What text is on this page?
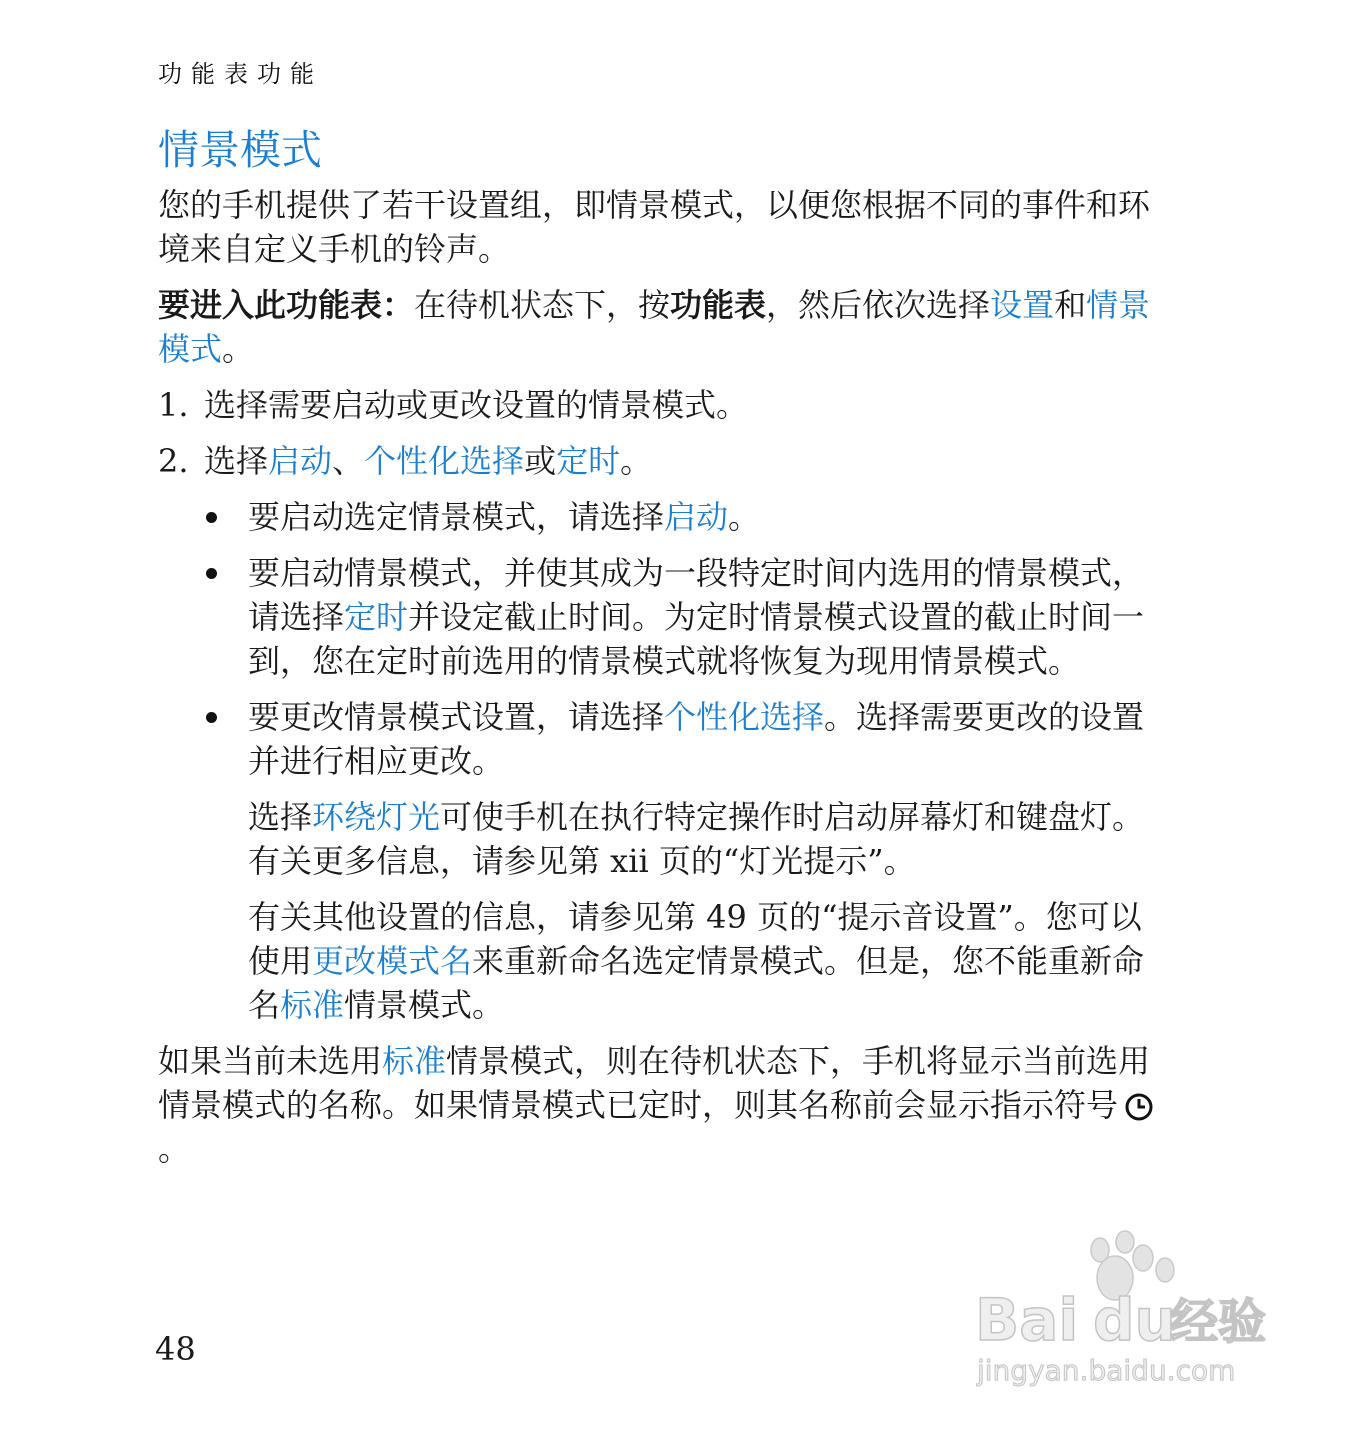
功能表功能
情景模式

您的手机提供了若干设置组，即情景模式，以便您根据不同的事件和环境来自定义手机的铃声。

要进入此功能表：在待机状态下，按功能表，然后依次选择设置和情景模式。

1. 选择需要启动或更改设置的情景模式。
2. 选择启动、个性化选择或定时。
要启动选定情景模式，请选择启动。
要启动情景模式，并使其成为一段特定时间内选用的情景模式，请选择定时并设定截止时间。为定时情景模式设置的截止时间一到，您在定时前选用的情景模式就将恢复为现用情景模式。
要更改情景模式设置，请选择个性化选择。选择需要更改的设置并进行相应更改。

选择环绕灯光可使手机在执行特定操作时启动屏幕灯和键盘灯。有关更多信息，请参见第 xii 页的“灯光提示”。

有关其他设置的信息，请参见第 49 页的“提示音设置”。您可以使用更改模式名来重新命名选定情景模式。但是，您不能重新命名标准情景模式。

如果当前未选用标准情景模式，则在待机状态下，手机将显示当前选用情景模式的名称。如果情景模式已定时，则其名称前会显示指示符号。

48	Bai du
经验
jingyan.baidu.com
